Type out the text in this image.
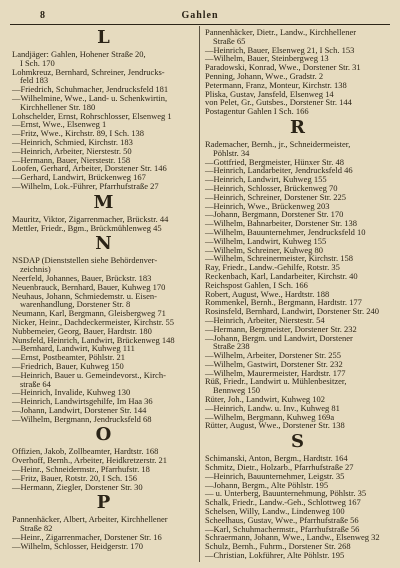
8	Gahlen
L
Landjäger: Gahlen, Hohener Straße 20,
I Sch. 170
Lohmkreuz, Bernhard, Schreiner, Jendrucks-
feld 183
—Friedrich, Schuhmacher, Jendrucksfeld 181
—Wilhelmine, Wwe., Land- u. Schenkwirtin,
Kirchhellener Str. 180
Lohschelder, Ernst, Rohrschlosser, Elsenweg 1
—Ernst, Wwe., Elsenweg 1
—Fritz, Wwe., Kirchstr. 89, I Sch. 138
—Heinrich, Schmied, Kirchstr. 183
—Heinrich, Arbeiter, Nierstestr. 50
—Hermann, Bauer, Nierstestr. 158
Loofen, Gerhard, Arbeiter, Dorstener Str. 146
—Gerhard, Landwirt, Brückenweg 167
—Wilhelm, Lok.-Führer, Pfarrhufstraße 27
M
Mauritz, Viktor, Zigarrenmacher, Brückstr. 44
Mettler, Friedr., Bgm., Brückmühlenweg 45
N
NSDAP (Dienststellen siehe Behördenver-
zeichnis)
Neerfeld, Johannes, Bauer, Brückstr. 183
Neuenbrauck, Bernhard, Bauer, Kuhweg 170
Neuhaus, Johann, Schmiedemstr. u. Eisen-
warenhandlung, Dorstener Str. 8
Neumann, Karl, Bergmann, Gleisbergweg 71
Nicker, Heinr., Dachdeckermeister, Kirchstr. 55
Nubbemeier, Georg, Bauer, Hardtstr. 180
Nunsfeld, Heinrich, Landwirt, Brückenweg 148
—Bernhard, Landwirt, Kuhweg 111
—Ernst, Postbeamter, Pöhlstr. 21
—Friedrich, Bauer, Kuhweg 150
—Heinrich, Bauer u. Gemeindevorst., Kirch-
straße 64
—Heinrich, Invalide, Kuhweg 130
—Heinrich, Landwirtsgehilfe, Im Haa 36
—Johann, Landwirt, Dorstener Str. 144
—Wilhelm, Bergmann, Jendrucksfeld 68
O
Offizien, Jakob, Zollbeamter, Hardtstr. 168
Overhoff, Bernh., Arbeiter, Heidkretzerstr. 21
—Heinr., Schneidermstr., Pfarrhufstr. 18
—Fritz, Bauer, Rotstr. 20, I Sch. 156
—Hermann, Ziegler, Dorstener Str. 30
P
Pannenhäcker, Albert, Arbeiter, Kirchhellener
Straße 82
—Heinr., Zigarrenmacher, Dorstener Str. 16
—Wilhelm, Schlosser, Heidgerstr. 170
Pannenhäcker, Dietr., Landw., Kirchhellener
Straße 65
—Heinrich, Bauer, Elsenweg 21, I Sch. 153
—Wilhelm, Bauer, Steinbergweg 13
Paradowski, Konrad, Wwe., Dorstener Str. 31
Penning, Johann, Wwe., Gradstr. 2
Petermann, Franz, Monteur, Kirchstr. 138
Pliska, Gustav, Jansfeld, Elsenweg 14
von Pelet, Gr., Gutsbes., Dorstener Str. 144
Postagentur Gahlen I Sch. 166
R
Rademacher, Bernh., jr., Schneidermeister,
Pöhlstr. 34
—Gottfried, Bergmeister, Hünxer Str. 48
—Heinrich, Landarbeiter, Jendrucksfeld 46
—Heinrich, Landwirt, Kuhweg 155
—Heinrich, Schlosser, Brückenweg 70
—Heinrich, Schreiner, Dorstener Str. 225
—Heinrich, Wwe., Brückenweg 203
—Johann, Bergmann, Dorstener Str. 170
—Wilhelm, Bahnarbeiter, Dorstener Str. 138
—Wilhelm, Bauunternehmer, Jendrucksfeld 10
—Wilhelm, Landwirt, Kuhweg 155
—Wilhelm, Schreiner, Kuhweg 80
—Wilhelm, Schreinermeister, Kirchstr. 158
Ray, Friedr., Landw.-Gehilfe, Rotstr. 35
Reckenbach, Karl, Landarbeiter, Kirchstr. 40
Reichspost Gahlen, I Sch. 166
Robert, August, Wwe., Hardtstr. 188
Rommenkel, Bernh., Bergmann, Hardtstr. 177
Rosinsfeld, Bernhard, Landwirt, Dorstener Str. 240
—Heinrich, Arbeiter, Nierstestr. 54
—Hermann, Bergmeister, Dorstener Str. 232
—Johann, Bergm. und Landwirt, Dorstener
Straße 238
—Wilhelm, Arbeiter, Dorstener Str. 255
—Wilhelm, Gastwirt, Dorstener Str. 232
—Wilhelm, Maurermeister, Hardtstr. 177
Rüß, Friedr., Landwirt u. Mühlenbesitzer,
Bennweg 150
Rüter, Joh., Landwirt, Kuhweg 102
—Heinrich, Landw. u. Inv., Kuhweg 81
—Wilhelm, Bergmann, Kuhweg 169a
Rütter, August, Wwe., Dorstener Str. 138
S
Schimanski, Anton, Bergm., Hardtstr. 164
Schmitz, Dietr., Holzarb., Pfarrhufstraße 27
—Heinrich, Bauunternehmer, Leigstr. 35
—Johann, Bergm., Alte Pöhlstr. 195
— u. Unterberg, Bauunternehmung, Pöhlstr. 35
Schalk, Friedr., Landw.-Geh., Schlottweg 167
Schelsen, Willy, Landw., Lindenweg 100
Scheelhaus, Gustav, Wwe., Pfarrhufstraße 56
—Karl, Schuhmachermstr., Pfarrhufstraße 56
Schraermann, Johann, Wwe., Landw., Elsenweg 32
Schulz, Bernh., Fuhrm., Dorstener Str. 268
—Christian, Lokführer, Alte Pöhlstr. 195
